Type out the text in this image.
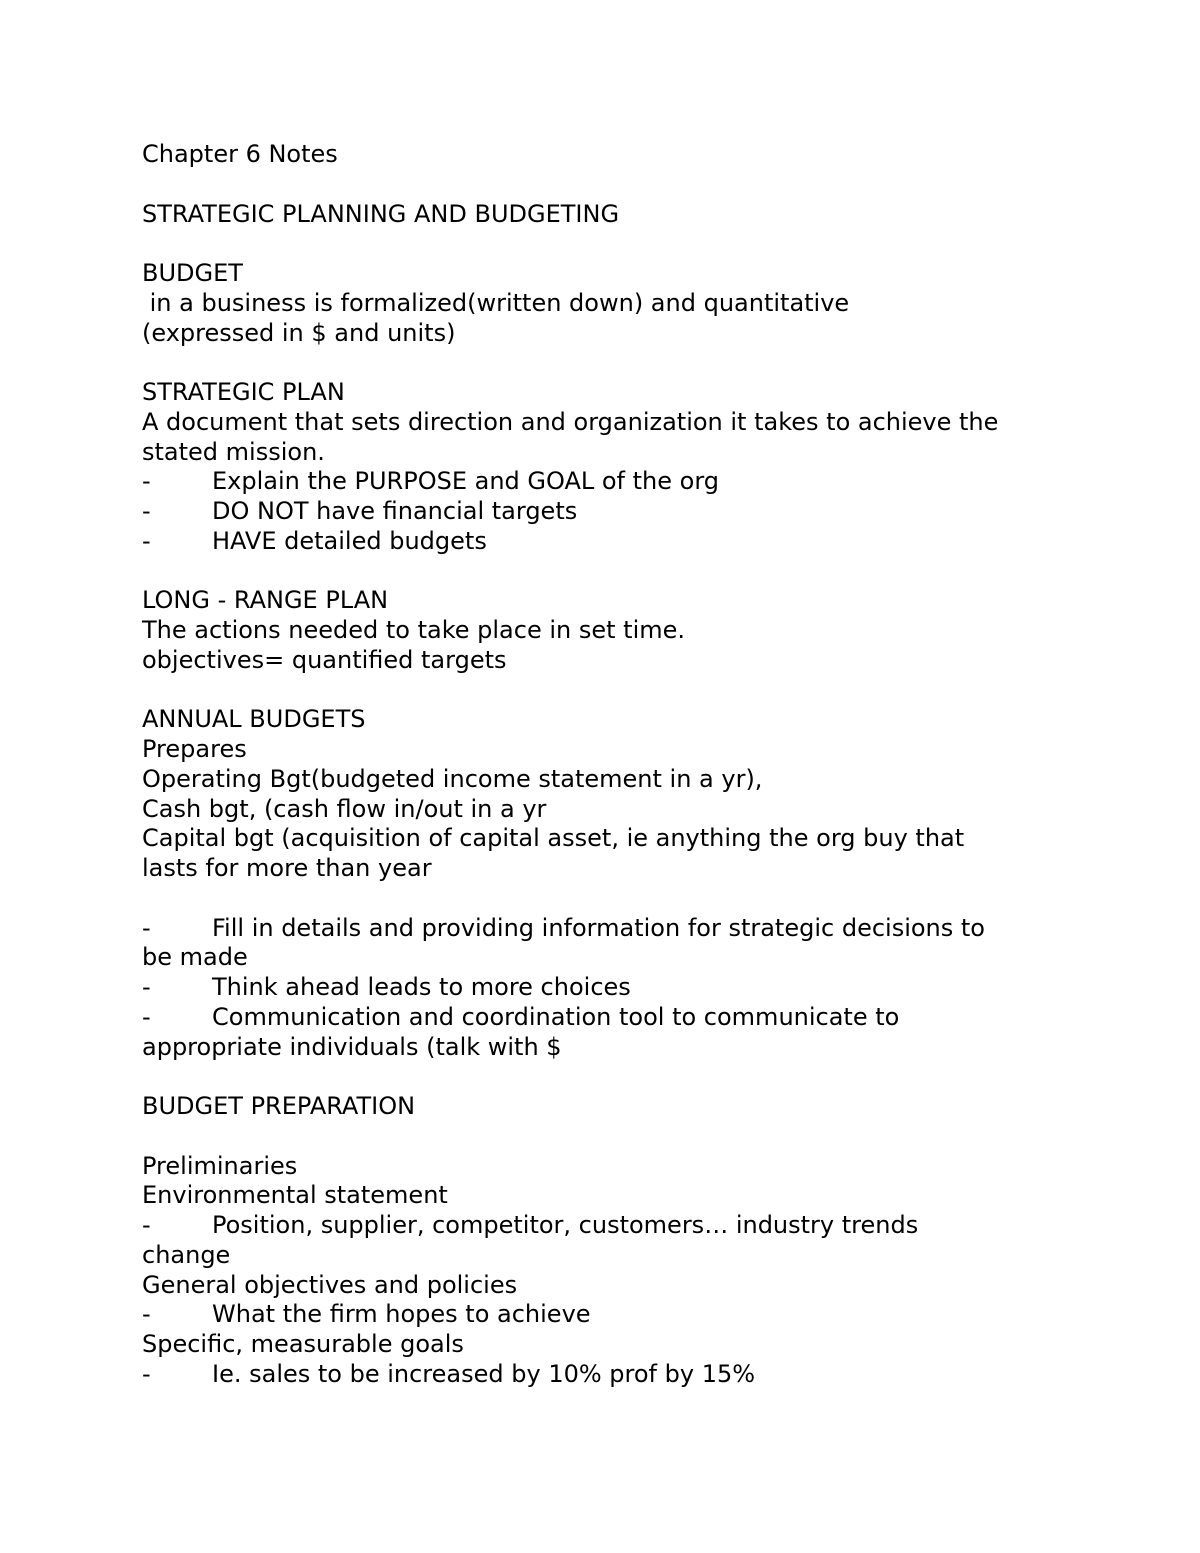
Chapter 6 Notes
STRATEGIC PLANNING AND BUDGETING
BUDGET
in a business is formalized(written down) and quantitative
(expressed in $ and units)
STRATEGIC PLAN
A document that sets direction and organization it takes to achieve the
stated mission.
-	Explain the PURPOSE and GOAL of the org
-	DO NOT have financial targets
-	HAVE detailed budgets
LONG - RANGE PLAN
The actions needed to take place in set time.
objectives= quantified targets
ANNUAL BUDGETS
Prepares
Operating Bgt(budgeted income statement in a yr),
Cash bgt, (cash flow in/out in a yr
Capital bgt (acquisition of capital asset, ie anything the org buy that
lasts for more than year
-	Fill in details and providing information for strategic decisions to
be made
-	Think ahead leads to more choices
-	Communication and coordination tool to communicate to
appropriate individuals (talk with $
BUDGET PREPARATION
Preliminaries
Environmental statement
-	Position, supplier, competitor, customers… industry trends
change
General objectives and policies
-	What the firm hopes to achieve
Specific, measurable goals
-	Ie. sales to be increased by 10% prof by 15%
